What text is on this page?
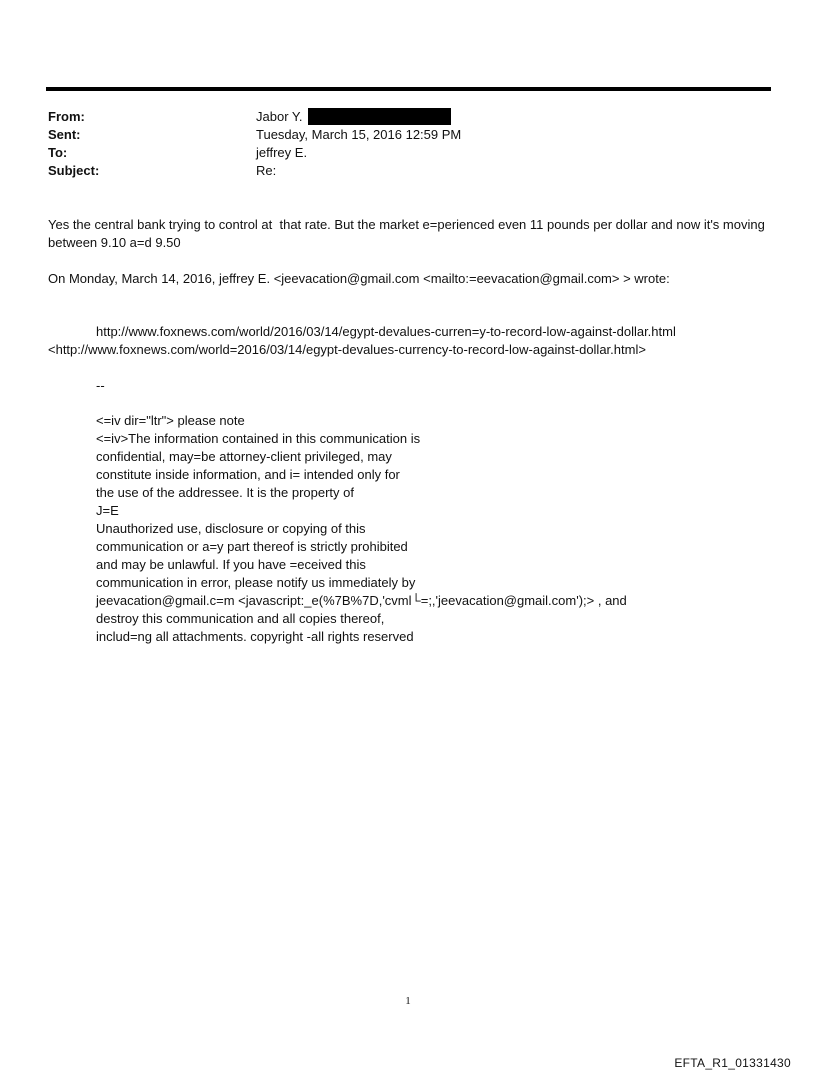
From:	Jabor Y.
Sent:	Tuesday, March 15, 2016 12:59 PM
To:	jeffrey E.
Subject:	Re:
Yes the central bank trying to control at  that rate. But the market e=perienced even 11 pounds per dollar and now it's moving between 9.10 a=d 9.50
On Monday, March 14, 2016, jeffrey E. <jeevacation@gmail.com <mailto:=eevacation@gmail.com> > wrote:
http://www.foxnews.com/world/2016/03/14/egypt-devalues-curren=y-to-record-low-against-dollar.html
<http://www.foxnews.com/world=2016/03/14/egypt-devalues-currency-to-record-low-against-dollar.html>
--
<=iv dir="ltr"> please note
<=iv>The information contained in this communication is
confidential, may=be attorney-client privileged, may
constitute inside information, and i= intended only for
the use of the addressee. It is the property of
J=E
Unauthorized use, disclosure or copying of this
communication or a=y part thereof is strictly prohibited
and may be unlawful. If you have =eceived this
communication in error, please notify us immediately by
jeevacation@gmail.c=m <javascript:_e(%7B%7D,'cvml└=;,'jeevacation@gmail.com');> , and
destroy this communication and all copies thereof,
includ=ng all attachments. copyright -all rights reserved
1
EFTA_R1_01331430
